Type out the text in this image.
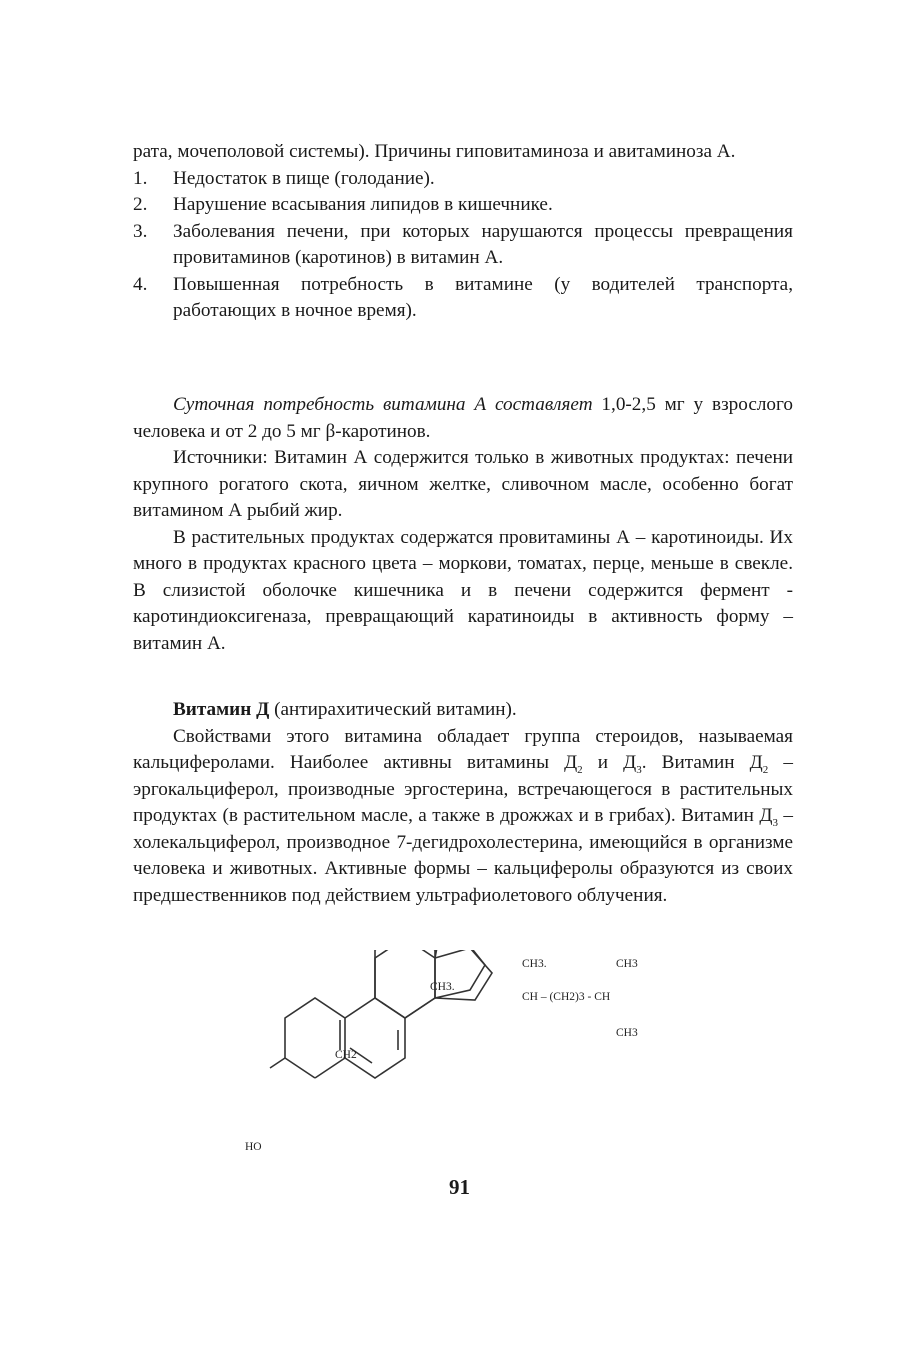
рата, мочеполовой системы). Причины гиповитаминоза и авитаминоза А.

1.	Недостаток в пище (голодание).
2.	Нарушение всасывания липидов в кишечнике.
3.	Заболевания печени, при которых нарушаются процессы превращения провитаминов (каротинов) в витамин А.
4.	Повышенная потребность в витамине (у водителей транспорта, работающих в ночное время).

Суточная потребность витамина А составляет 1,0-2,5 мг у взрослого человека и от 2 до 5 мг β-каротинов.

Источники: Витамин А содержится только в животных продуктах: печени крупного рогатого скота, яичном желтке, сливочном масле, особенно богат витамином А рыбий жир.

В растительных продуктах содержатся провитамины А – каротиноиды. Их много в продуктах красного цвета – моркови, томатах, перце, меньше в свекле. В слизистой оболочке кишечника и в печени содержится фермент - каротиндиоксигеназа, превращающий каратиноиды в активность форму – витамин А.

Витамин Д (антирахитический витамин).

Свойствами этого витамина обладает группа стероидов, называемая кальциферолами. Наиболее активны витамины $Д_2$ и $Д_3$. Витамин $Д_2$ – эргокальциферол, производные эргостерина, встречающегося в растительных продуктах (в растительном масле, а также в дрожжах и в грибах). Витамин $Д_3$ – холекальциферол, производное 7-дегидрохолестерина, имеющийся в организме человека и животных. Активные формы – кальциферолы образуются из своих предшественников под действием ультрафиолетового облучения.

CH3.	CH3
CH3.
CH – (CH2)3 - CH
CH3
CH2
HO
91
